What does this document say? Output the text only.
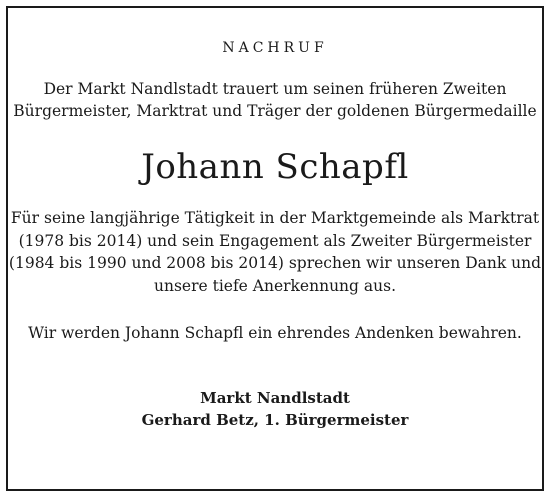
NACHRUF
Der Markt Nandlstadt trauert um seinen früheren Zweiten
Bürgermeister, Marktrat und Träger der goldenen Bürgermedaille
Johann Schapfl
Für seine langjährige Tätigkeit in der Marktgemeinde als Marktrat
(1978 bis 2014) und sein Engagement als Zweiter Bürgermeister
(1984 bis 1990 und 2008 bis 2014) sprechen wir unseren Dank und
unsere tiefe Anerkennung aus.
Wir werden Johann Schapfl ein ehrendes Andenken bewahren.
Markt Nandlstadt
Gerhard Betz, 1. Bürgermeister
